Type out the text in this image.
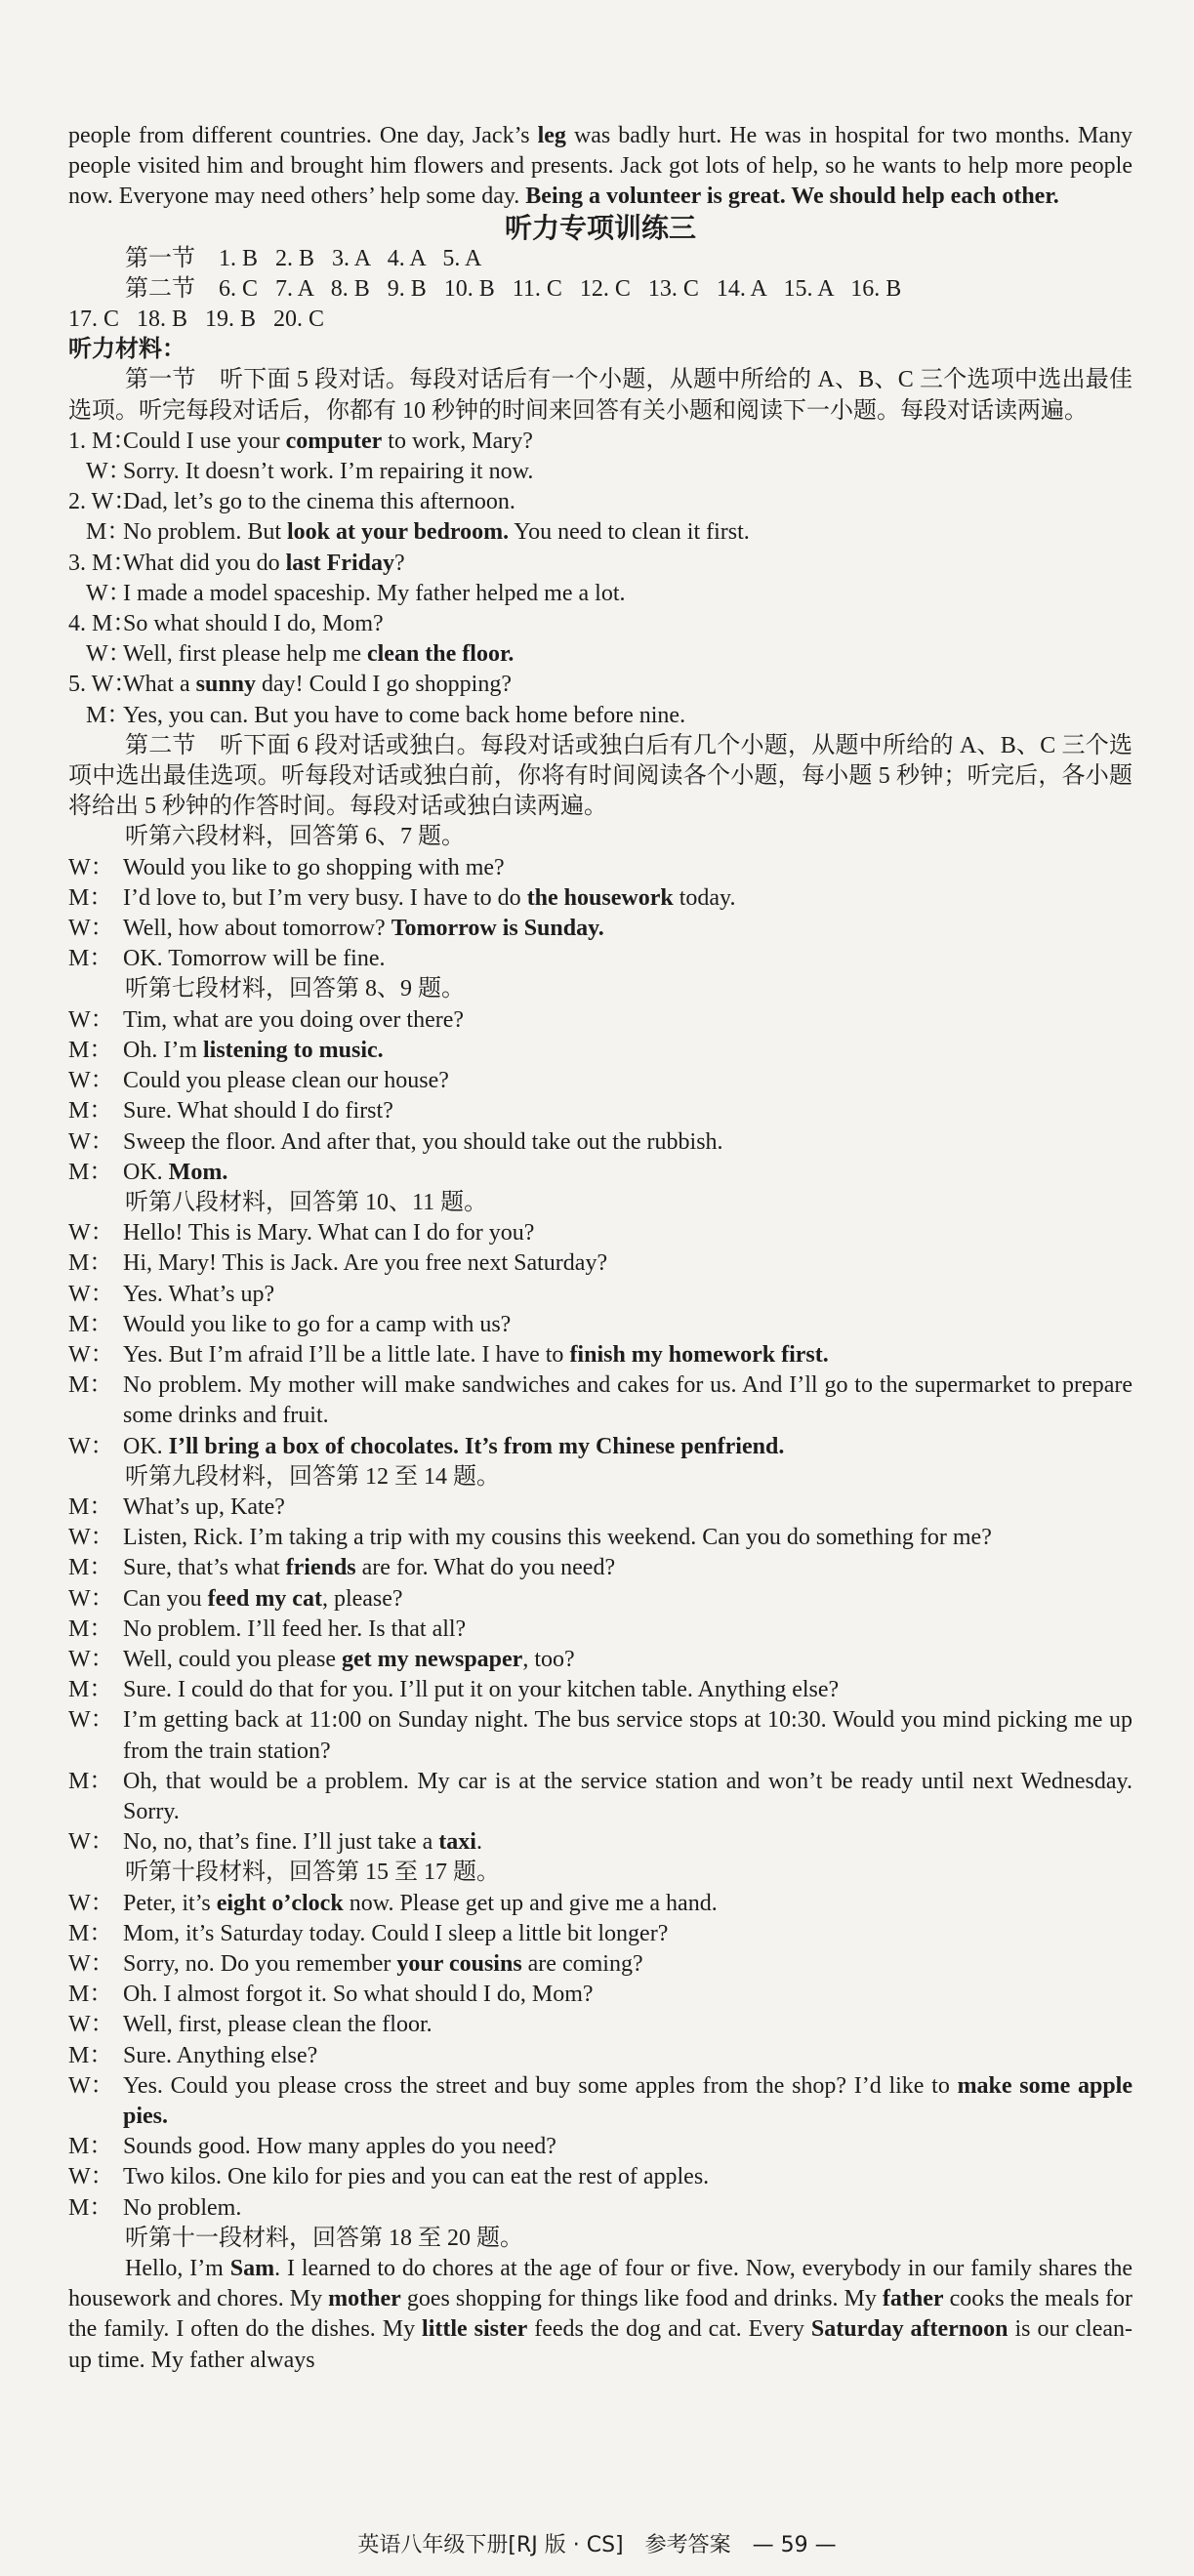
people from different countries. One day, Jack’s leg was badly hurt. He was in hospital for two months. Many people visited him and brought him flowers and presents. Jack got lots of help, so he wants to help more people now. Everyone may need others’ help some day. Being a volunteer is great. We should help each other.

听力专项训练三

第一节　 1. B   2. B   3. A   4. A   5. A

第二节　 6. C   7. A   8. B   9. B   10. B   11. C   12. C   13. C   14. A   15. A   16. B

17. C   18. B   19. B   20. C

听力材料：

第一节　听下面 5 段对话。每段对话后有一个小题，从题中所给的 A、B、C 三个选项中选出最佳选项。听完每段对话后，你都有 10 秒钟的时间来回答有关小题和阅读下一小题。每段对话读两遍。

1. M：
Could I use your computer to work, Mary?
W：
Sorry. It doesn’t work. I’m repairing it now.
2. W：
Dad, let’s go to the cinema this afternoon.
M：
No problem. But look at your bedroom. You need to clean it first.
3. M：
What did you do last Friday?
W：
I made a model spaceship. My father helped me a lot.
4. M：
So what should I do, Mom?
W：
Well, first please help me clean the floor.
5. W：
What a sunny day! Could I go shopping?
M：
Yes, you can. But you have to come back home before nine.

第二节　听下面 6 段对话或独白。每段对话或独白后有几个小题，从题中所给的 A、B、C 三个选项中选出最佳选项。听每段对话或独白前，你将有时间阅读各个小题，每小题 5 秒钟；听完后，各小题将给出 5 秒钟的作答时间。每段对话或独白读两遍。

听第六段材料，回答第 6、7 题。

W： Would you like to go shopping with me?
M： I’d love to, but I’m very busy. I have to do the housework today.
W： Well, how about tomorrow? Tomorrow is Sunday.
M： OK. Tomorrow will be fine.

听第七段材料，回答第 8、9 题。

W： Tim, what are you doing over there?
M： Oh. I’m listening to music.
W： Could you please clean our house?
M： Sure. What should I do first?
W： Sweep the floor. And after that, you should take out the rubbish.
M： OK. Mom.

听第八段材料，回答第 10、11 题。

W： Hello! This is Mary. What can I do for you?
M： Hi, Mary! This is Jack. Are you free next Saturday?
W： Yes. What’s up?
M： Would you like to go for a camp with us?
W： Yes. But I’m afraid I’ll be a little late. I have to finish my homework first.
M： No problem. My mother will make sandwiches and cakes for us. And I’ll go to the supermarket to prepare some drinks and fruit.
W： OK. I’ll bring a box of chocolates. It’s from my Chinese penfriend.

听第九段材料，回答第 12 至 14 题。

M： What’s up, Kate?
W： Listen, Rick. I’m taking a trip with my cousins this weekend. Can you do something for me?
M： Sure, that’s what friends are for. What do you need?
W： Can you feed my cat, please?
M： No problem. I’ll feed her. Is that all?
W： Well, could you please get my newspaper, too?
M： Sure. I could do that for you. I’ll put it on your kitchen table. Anything else?
W： I’m getting back at 11:00 on Sunday night. The bus service stops at 10:30. Would you mind picking me up from the train station?
M： Oh, that would be a problem. My car is at the service station and won’t be ready until next Wednesday. Sorry.
W： No, no, that’s fine. I’ll just take a taxi.

听第十段材料，回答第 15 至 17 题。

W： Peter, it’s eight o’clock now. Please get up and give me a hand.
M： Mom, it’s Saturday today. Could I sleep a little bit longer?
W： Sorry, no. Do you remember your cousins are coming?
M： Oh. I almost forgot it. So what should I do, Mom?
W： Well, first, please clean the floor.
M： Sure. Anything else?
W： Yes. Could you please cross the street and buy some apples from the shop? I’d like to make some apple pies.
M： Sounds good. How many apples do you need?
W： Two kilos. One kilo for pies and you can eat the rest of apples.
M： No problem.

听第十一段材料，回答第 18 至 20 题。

Hello, I’m Sam. I learned to do chores at the age of four or five. Now, everybody in our family shares the housework and chores. My mother goes shopping for things like food and drinks. My father cooks the meals for the family. I often do the dishes. My little sister feeds the dog and cat. Every Saturday afternoon is our clean-up time. My father always

英语八年级下册[RJ 版 · CS]　参考答案　— 59 —
